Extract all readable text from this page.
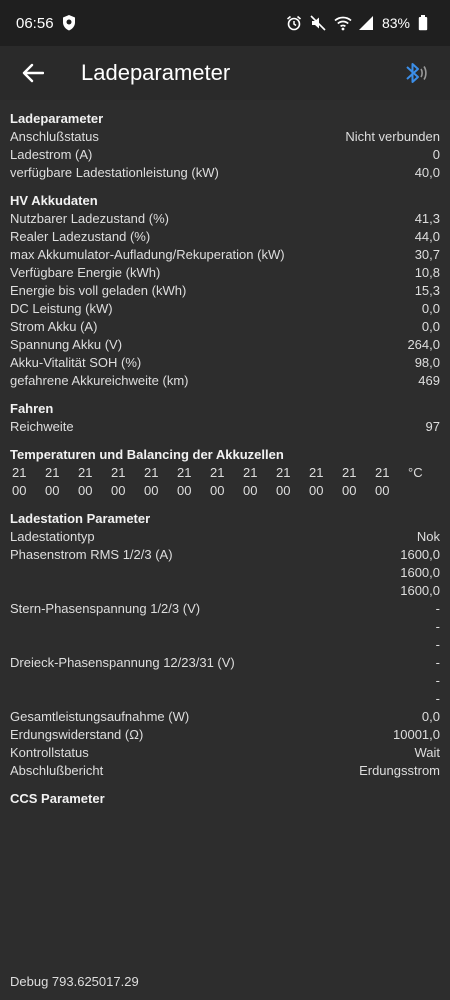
06:56	83%
Ladeparameter
Ladeparameter
Anschlußstatus	Nicht verbunden
Ladestrom (A)	0
verfügbare Ladestationleistung (kW)	40,0
HV Akkudaten
Nutzbarer Ladezustand (%)	41,3
Realer Ladezustand (%)	44,0
max Akkumulator-Aufladung/Rekuperation (kW)	30,7
Verfügbare Energie (kWh)	10,8
Energie bis voll geladen (kWh)	15,3
DC Leistung (kW)	0,0
Strom Akku (A)	0,0
Spannung Akku (V)	264,0
Akku-Vitalität SOH (%)	98,0
gefahrene Akkureichweite (km)	469
Fahren
Reichweite	97
Temperaturen und Balancing der Akkuzellen
21	21	21	21	21	21	21	21	21	21	21	21	°C
00	00	00	00	00	00	00	00	00	00	00	00
Ladestation Parameter
Ladestationtyp	Nok
Phasenstrom RMS 1/2/3 (A)	1600,0
1600,0
1600,0
Stern-Phasenspannung 1/2/3 (V)	-
-
-
Dreieck-Phasenspannung 12/23/31 (V)	-
-
-
Gesamtleistungsaufnahme (W)	0,0
Erdungswiderstand (Ω)	10001,0
Kontrollstatus	Wait
Abschlußbericht	Erdungsstrom
CCS Parameter
Debug 793.625017.29
